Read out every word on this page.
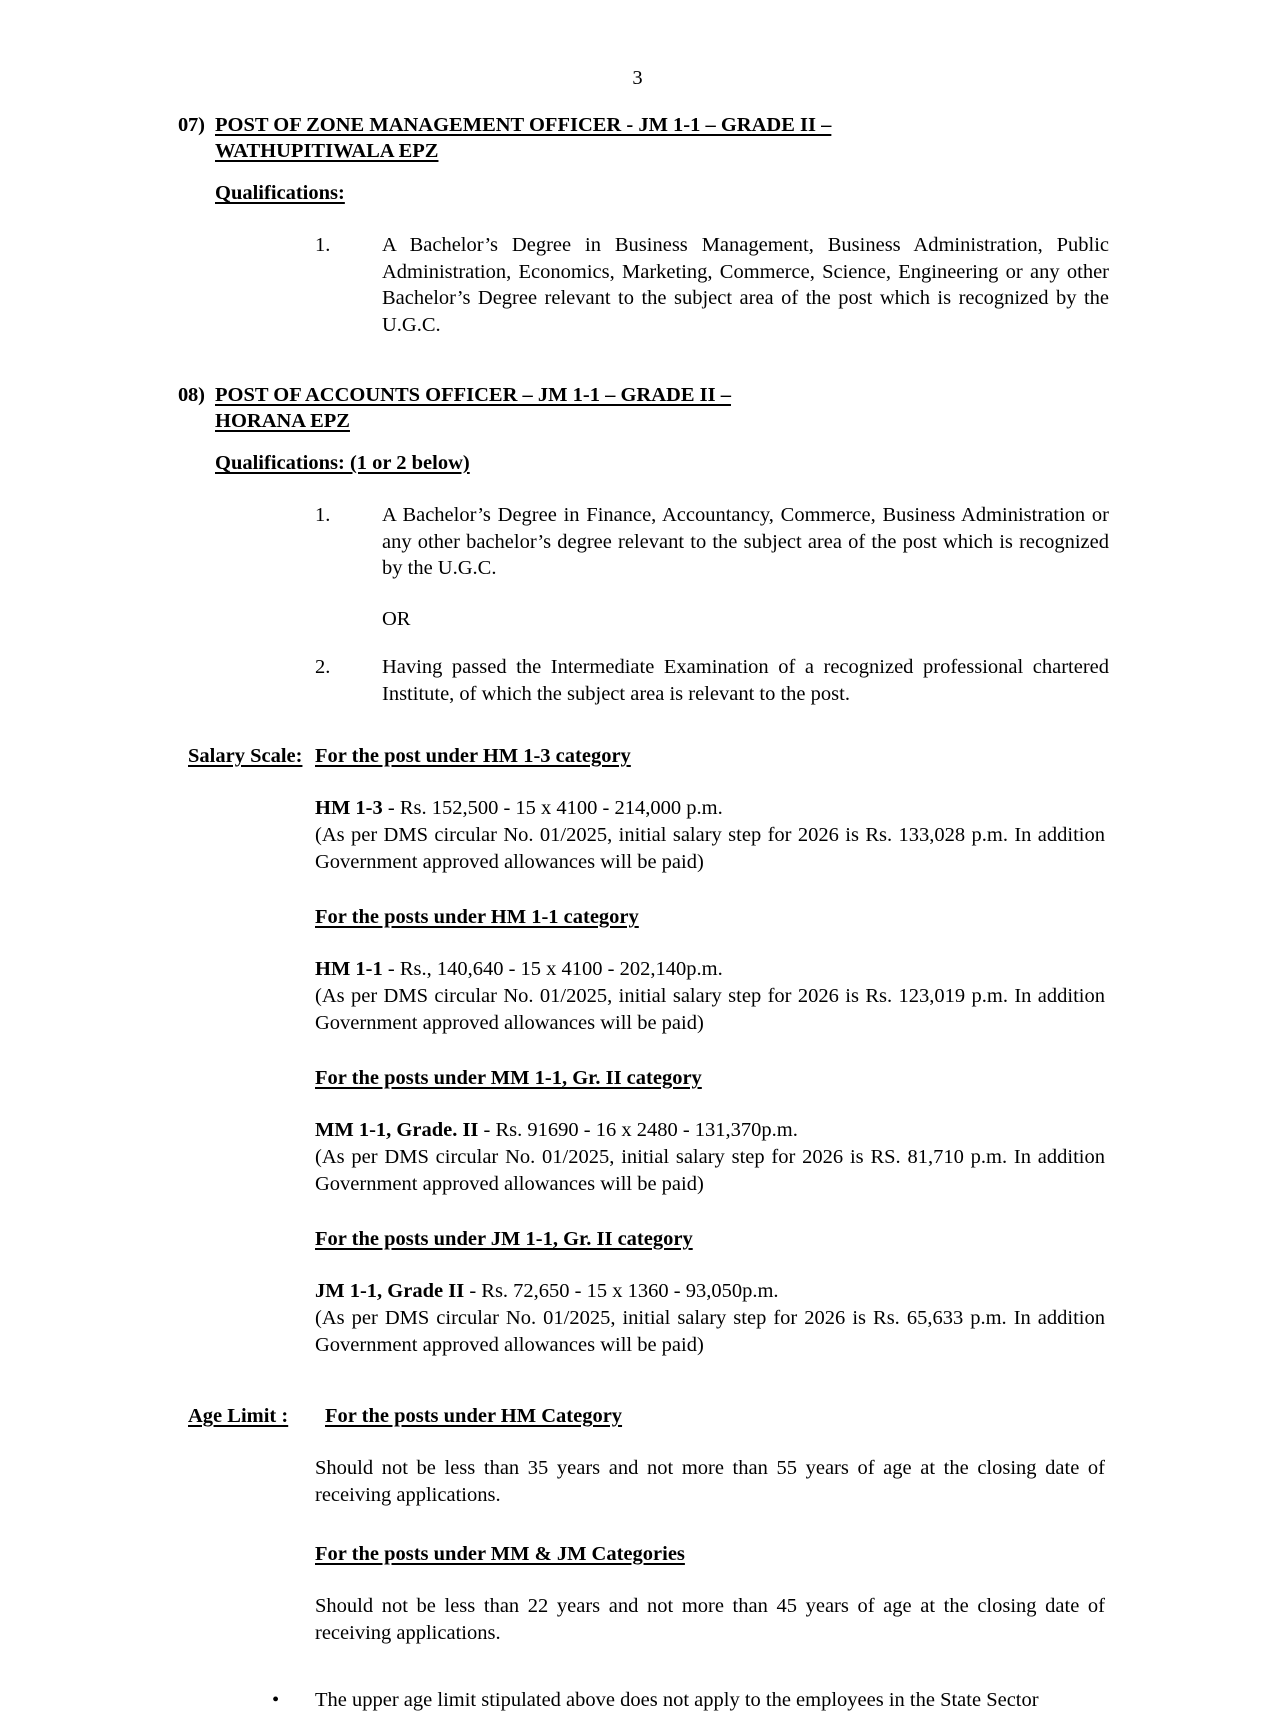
3
07) POST OF ZONE MANAGEMENT OFFICER - JM 1-1 – GRADE II –
WATHUPITIWALA EPZ
Qualifications:
1.	A Bachelor’s Degree in Business Management, Business Administration, Public Administration, Economics, Marketing, Commerce, Science, Engineering or any other Bachelor’s Degree relevant to the subject area of the post which is recognized by the U.G.C.
08) POST OF ACCOUNTS OFFICER – JM 1-1 – GRADE II –
HORANA EPZ
Qualifications: (1 or 2 below)
1.	A Bachelor’s Degree in Finance, Accountancy, Commerce, Business Administration or any other bachelor’s degree relevant to the subject area of the post which is recognized by the U.G.C.
OR
2.	Having passed the Intermediate Examination of a recognized professional chartered Institute, of which the subject area is relevant to the post.
Salary Scale: For the post under HM 1-3 category
HM 1-3 - Rs. 152,500 - 15 x 4100 - 214,000 p.m.
(As per DMS circular No. 01/2025, initial salary step for 2026 is Rs. 133,028 p.m. In addition Government approved allowances will be paid)
For the posts under HM 1-1 category
HM 1-1 - Rs., 140,640 - 15 x 4100 - 202,140p.m.
(As per DMS circular No. 01/2025, initial salary step for 2026 is Rs. 123,019 p.m. In addition Government approved allowances will be paid)
For the posts under MM 1-1, Gr. II category
MM 1-1, Grade. II - Rs. 91690 - 16 x 2480 - 131,370p.m.
(As per DMS circular No. 01/2025, initial salary step for 2026 is RS. 81,710 p.m. In addition Government approved allowances will be paid)
For the posts under JM 1-1, Gr. II category
JM 1-1, Grade II - Rs. 72,650 - 15 x 1360 - 93,050p.m.
(As per DMS circular No. 01/2025, initial salary step for 2026 is Rs. 65,633 p.m. In addition Government approved allowances will be paid)
Age Limit :	For the posts under HM Category
Should not be less than 35 years and not more than 55 years of age at the closing date of receiving applications.
For the posts under MM & JM Categories
Should not be less than 22 years and not more than 45 years of age at the closing date of receiving applications.
•	The upper age limit stipulated above does not apply to the employees in the State Sector
